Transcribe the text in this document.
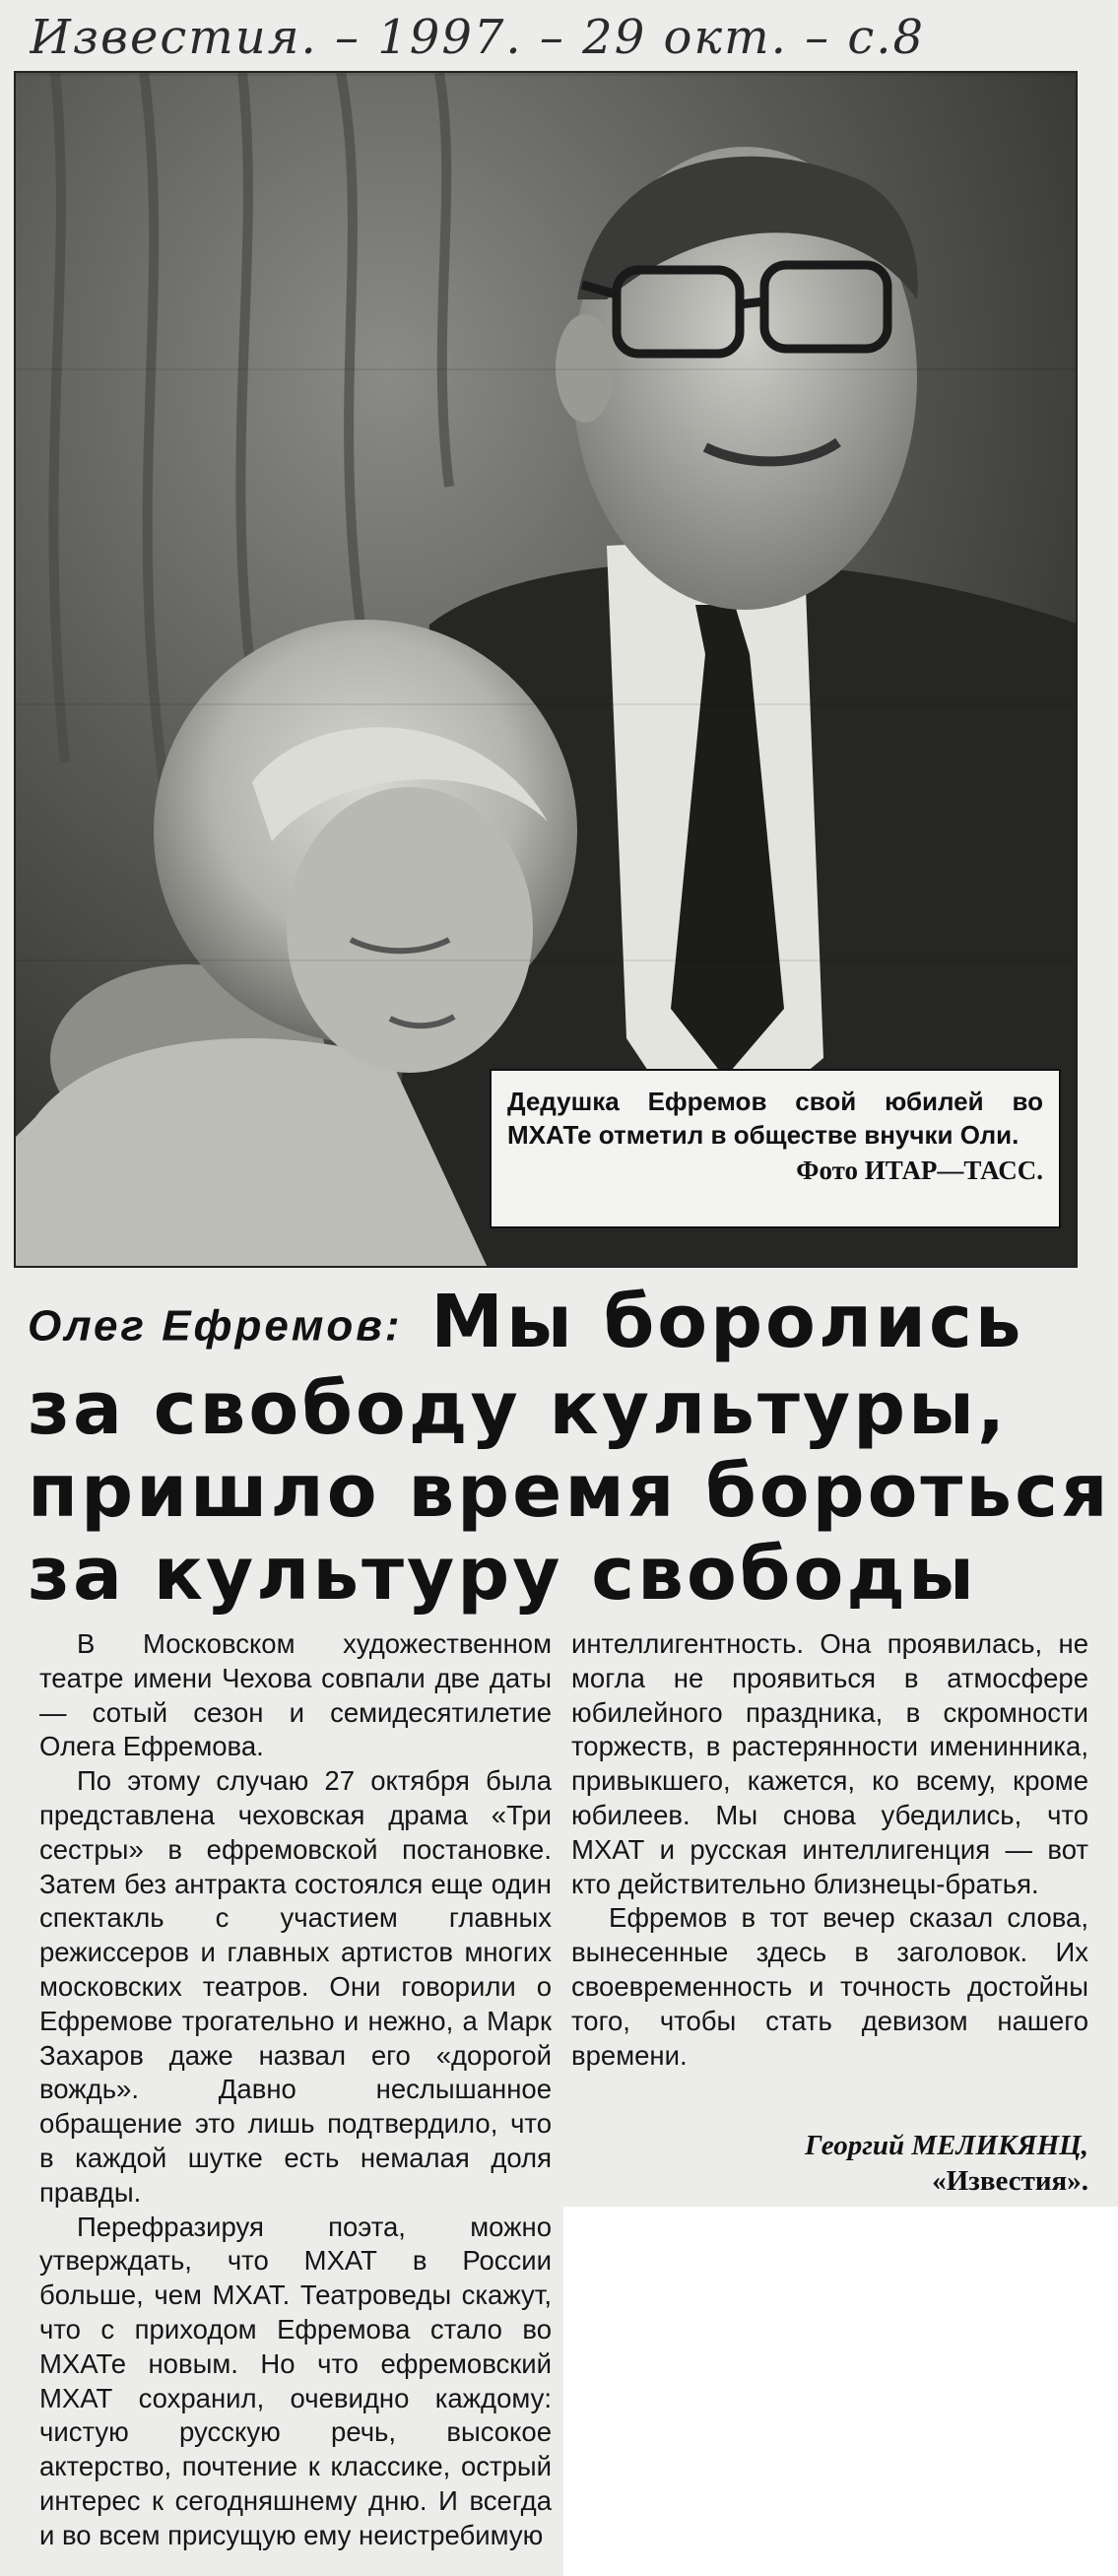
Известия. – 1997. – 29 окт. – с.8
Дедушка Ефремов свой юбилей во МХАТе отметил в обществе внучки Оли.
Фото ИТАР—ТАСС.
Олег Ефремов: Мы боролись
за свободу культуры,
пришло время бороться
за культуру свободы

В Московском художественном театре имени Чехова совпали две даты — сотый сезон и семидесятилетие Олега Ефремова.

По этому случаю 27 октября была представлена чеховская драма «Три сестры» в ефремовской постановке. Затем без антракта состоялся еще один спектакль с участием главных режиссеров и главных артистов многих московских театров. Они говорили о Ефремове трогательно и нежно, а Марк Захаров даже назвал его «дорогой вождь». Давно неслышанное обращение это лишь подтвердило, что в каждой шутке есть немалая доля правды.

Перефразируя поэта, можно утверждать, что МХАТ в России больше, чем МХАТ. Театроведы скажут, что с приходом Ефремова стало во МХАТе новым. Но что ефремовский МХАТ сохранил, очевидно каждому: чистую русскую речь, высокое актерство, почтение к классике, острый интерес к сегодняшнему дню. И всегда и во всем присущую ему неистребимую

интеллигентность. Она проявилась, не могла не проявиться в атмосфере юбилейного праздника, в скромности торжеств, в растерянности именинника, привыкшего, кажется, ко всему, кроме юбилеев. Мы снова убедились, что МХАТ и русская интеллигенция — вот кто действительно близнецы-братья.

Ефремов в тот вечер сказал слова, вынесенные здесь в заголовок. Их своевременность и точность достойны того, чтобы стать девизом нашего времени.

Георгий МЕЛИКЯНЦ,
«Известия».
